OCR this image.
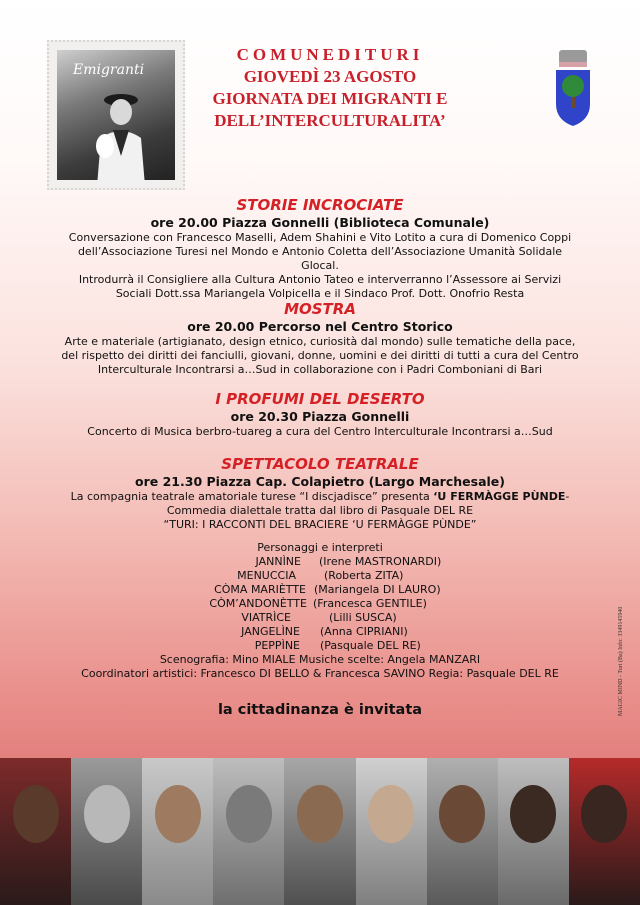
Emigranti
COMUNEDITURI
GIOVEDÌ 23 AGOSTO
GIORNATA DEI MIGRANTI E
DELL’INTERCULTURALITA’
STORIE INCROCIATE
ore 20.00 Piazza Gonnelli (Biblioteca Comunale)
Conversazione con Francesco Maselli, Adem Shahini e Vito Lotito a cura di Domenico Coppi
dell’Associazione Turesi nel Mondo e Antonio Coletta dell’Associazione Umanità Solidale Glocal.
Introdurrà il Consigliere alla Cultura Antonio Tateo e interverranno l’Assessore ai Servizi
Sociali Dott.ssa Mariangela Volpicella e il Sindaco Prof. Dott. Onofrio Resta
MOSTRA
ore 20.00 Percorso nel Centro Storico
Arte e materiale (artigianato, design etnico, curiosità dal mondo) sulle tematiche della pace,
del rispetto dei diritti dei fanciulli, giovani, donne, uomini e dei diritti di tutti a cura del Centro
Interculturale Incontrarsi a…Sud in collaborazione con i Padri Comboniani di Bari
I PROFUMI DEL DESERTO
ore 20.30 Piazza Gonnelli
Concerto di Musica berbro-tuareg a cura del Centro Interculturale Incontrarsi a…Sud
SPETTACOLO TEATRALE
ore 21.30 Piazza Cap. Colapietro (Largo Marchesale)
La compagnia teatrale amatoriale turese “I discjadisce” presenta ‘U FERMÀGGE PÙNDE-
Commedia dialettale tratta dal libro di Pasquale DEL RE
“TURI: I RACCONTI DEL BRACIERE ‘U FERMÀGGE PÙNDE”
Personaggi e interpreti
JANNÌNE	(Irene MASTRONARDI)
MENUCCIA	(Roberta ZITA)
CÒMA MARIÈTTE (Mariangela DI LAURO)
CÒM’ANDONÈTTE (Francesca GENTILE)
VIATRÌCE	(Lilli SUSCA)
JANGELÌNE	(Anna CIPRIANI)
PEPPÌNE	(Pasquale DEL RE)
Scenografia: Mino MIALE Musiche scelte: Angela MANZARI
Coordinatori artistici: Francesco DI BELLO & Francesca SAVINO Regia: Pasquale DEL RE
la cittadinanza è invitata	MAGIC MIND - Turi (Ba) Info: 3349145940
